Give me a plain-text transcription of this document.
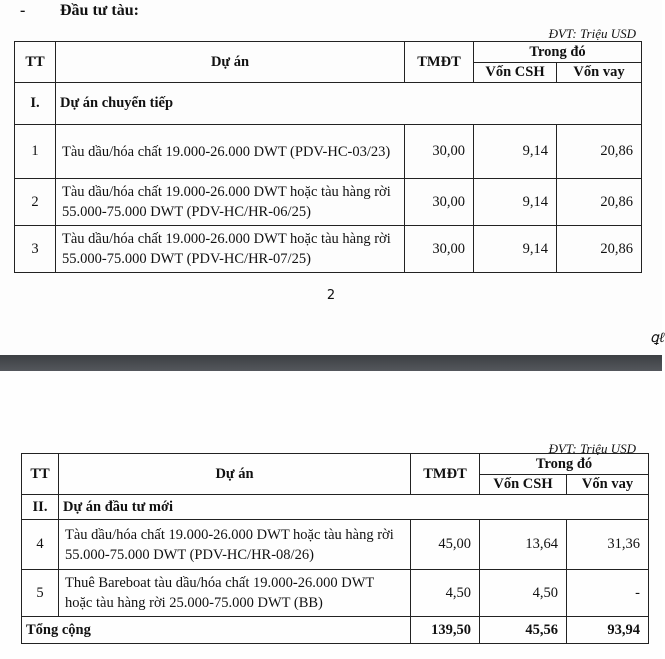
- Đầu tư tàu:
ĐVT: Triệu USD
TT	Dự án	TMĐT	Trong đó	
			Vốn CSH	Vốn vay
I.	Dự án chuyển tiếp			
1	Tàu dầu/hóa chất 19.000-26.000 DWT (PDV-HC-03/23)	30,00	9,14	20,86
2	Tàu dầu/hóa chất 19.000-26.000 DWT hoặc tàu hàng rời 55.000-75.000 DWT (PDV-HC/HR-06/25)	30,00	9,14	20,86
3	Tàu dầu/hóa chất 19.000-26.000 DWT hoặc tàu hàng rời 55.000-75.000 DWT (PDV-HC/HR-07/25)	30,00	9,14	20,86
2
ꝗℓ
ĐVT: Triệu USD
TT	Dự án	TMĐT	Trong đó	
			Vốn CSH	Vốn vay
II.	Dự án đầu tư mới			
4	Tàu dầu/hóa chất 19.000-26.000 DWT hoặc tàu hàng rời 55.000-75.000 DWT (PDV-HC/HR-08/26)	45,00	13,64	31,36
5	Thuê Bareboat tàu dầu/hóa chất 19.000-26.000 DWT hoặc tàu hàng rời 25.000-75.000 DWT (BB)	4,50	4,50	-
Tổng cộng		139,50	45,56	93,94
